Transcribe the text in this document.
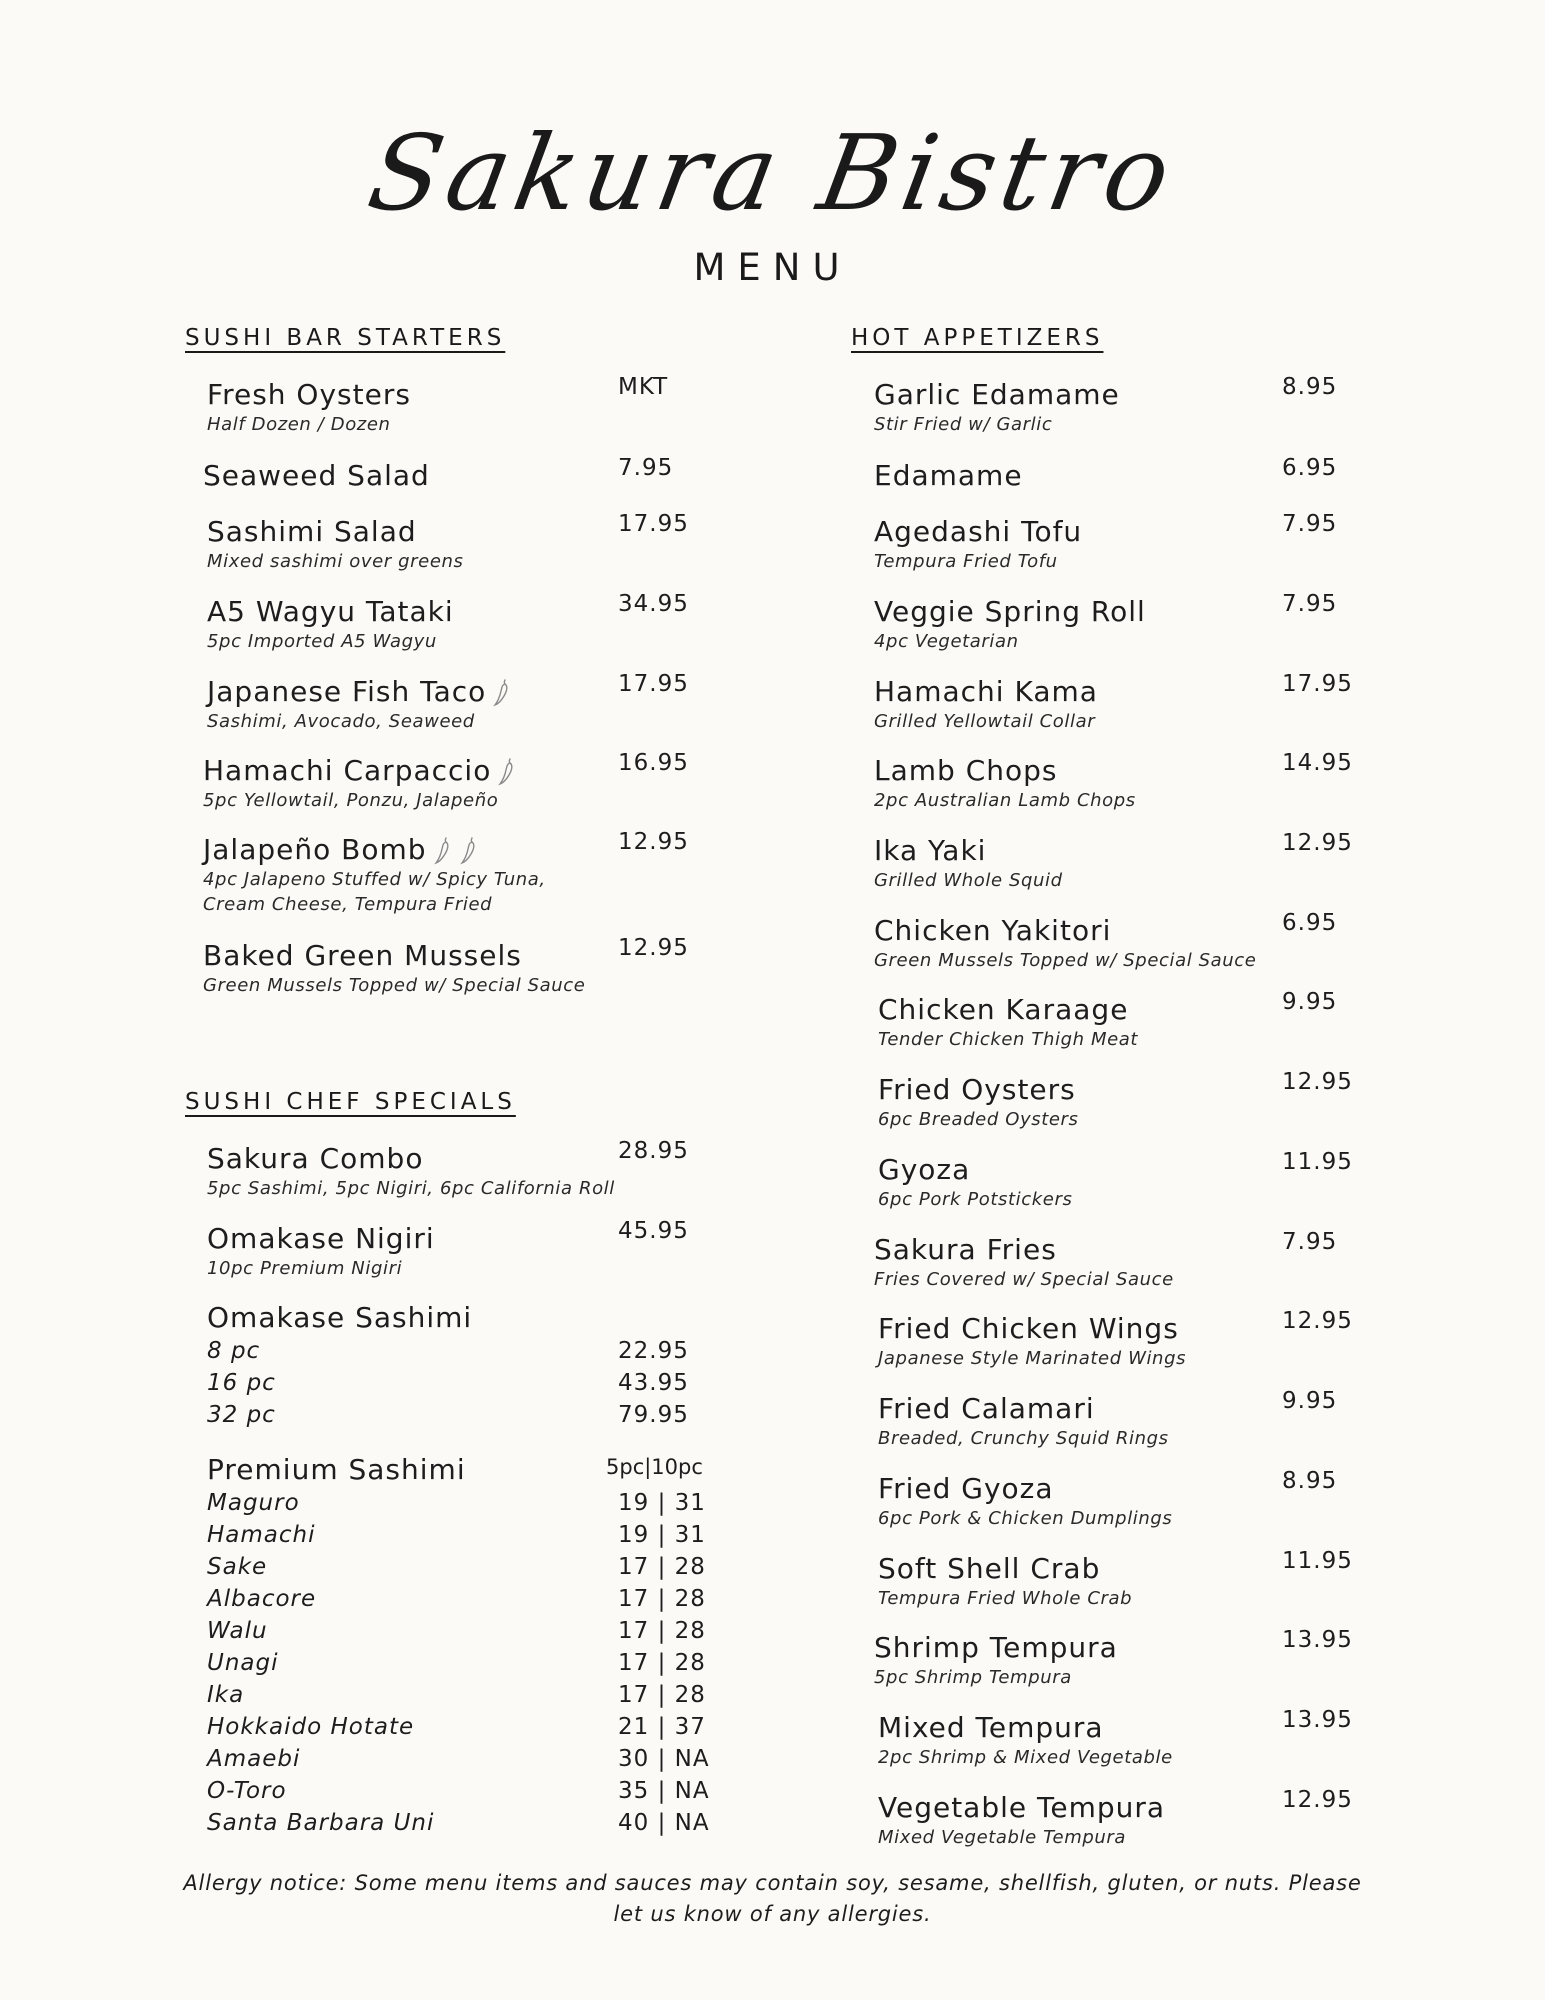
Sakura Bistro
MENU
SUSHI BAR STARTERS	HOT APPETIZERS
SUSHI CHEF SPECIALS
Fresh Oysters
Half Dozen / Dozen
MKT
Seaweed Salad	7.95
Sashimi Salad
Mixed sashimi over greens
17.95
A5 Wagyu Tataki
5pc Imported A5 Wagyu
34.95
Japanese Fish Taco
Sashimi, Avocado, Seaweed
17.95
Hamachi Carpaccio
5pc Yellowtail, Ponzu, Jalapeño
16.95
Jalapeño Bomb
4pc Jalapeno Stuffed w/ Spicy Tuna, Cream Cheese, Tempura Fried
12.95
Baked Green Mussels
Green Mussels Topped w/ Special Sauce
12.95
Sakura Combo
5pc Sashimi, 5pc Nigiri, 6pc California Roll
28.95
Omakase Nigiri
10pc Premium Nigiri
45.95
Omakase Sashimi
8 pc	22.95
16 pc	43.95
32 pc	79.95
Premium Sashimi	5pc|10pc
Maguro	19 | 31
Hamachi	19 | 31
Sake	17 | 28
Albacore	17 | 28
Walu	17 | 28
Unagi	17 | 28
Ika	17 | 28
Hokkaido Hotate	21 | 37
Amaebi	30 | NA
O-Toro	35 | NA
Santa Barbara Uni	40 | NA
Garlic Edamame
Stir Fried w/ Garlic
8.95
Edamame	6.95
Agedashi Tofu
Tempura Fried Tofu
7.95
Veggie Spring Roll
4pc Vegetarian
7.95
Hamachi Kama
Grilled Yellowtail Collar
17.95
Lamb Chops
2pc Australian Lamb Chops
14.95
Ika Yaki
Grilled Whole Squid
12.95
Chicken Yakitori
Green Mussels Topped w/ Special Sauce
6.95
Chicken Karaage
Tender Chicken Thigh Meat
9.95
Fried Oysters
6pc Breaded Oysters
12.95
Gyoza
6pc Pork Potstickers
11.95
Sakura Fries
Fries Covered w/ Special Sauce
7.95
Fried Chicken Wings
Japanese Style Marinated Wings
12.95
Fried Calamari
Breaded, Crunchy Squid Rings
9.95
Fried Gyoza
6pc Pork & Chicken Dumplings
8.95
Soft Shell Crab
Tempura Fried Whole Crab
11.95
Shrimp Tempura
5pc Shrimp Tempura
13.95
Mixed Tempura
2pc Shrimp & Mixed Vegetable
13.95
Vegetable Tempura
Mixed Vegetable Tempura
12.95
Allergy notice: Some menu items and sauces may contain soy, sesame, shellfish, gluten, or nuts. Please let us know of any allergies.
